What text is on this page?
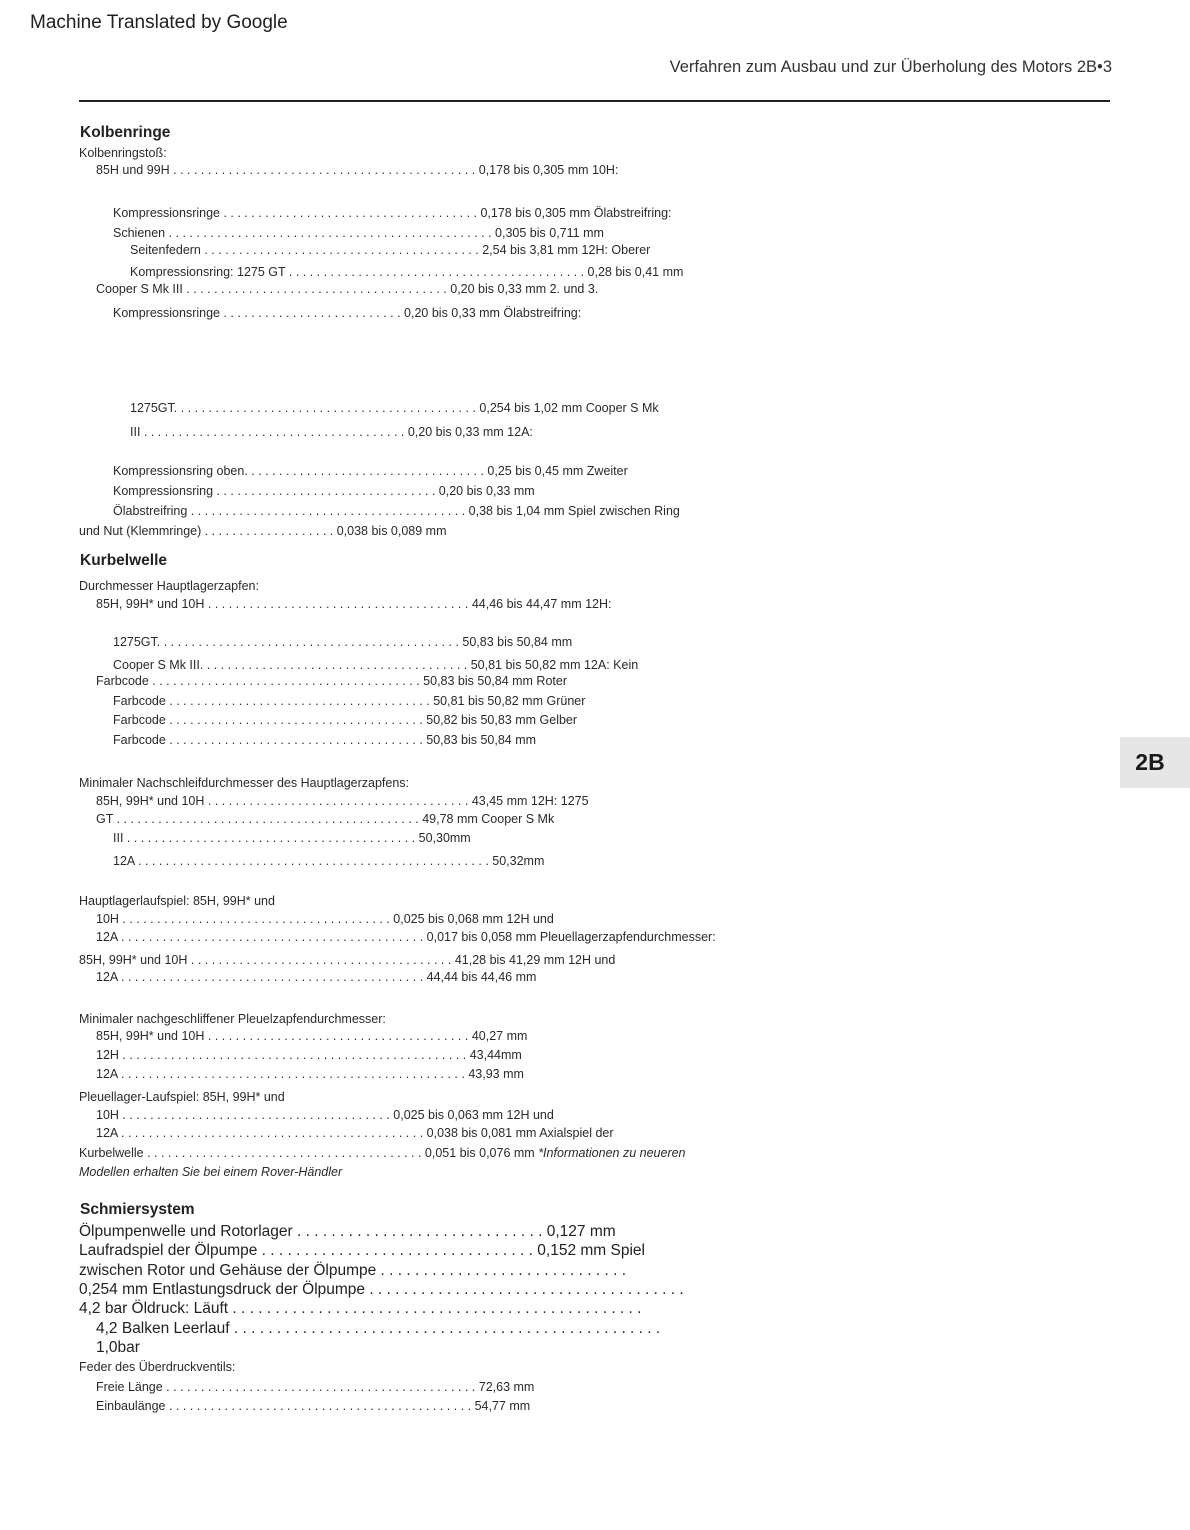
Machine Translated by Google
Verfahren zum Ausbau und zur Überholung des Motors 2B•3
Kolbenringe
Kolbenringstoß:
85H und 99H . . . . . . . . . . . . . . . . . . . . . . . . . . . . . . . . . . . . . . . . . . . . 0,178 bis 0,305 mm 10H:
Kompressionsringe . . . . . . . . . . . . . . . . . . . . . . . . . . . . . . . . . . . . . 0,178 bis 0,305 mm Ölabstreifring:
Schienen . . . . . . . . . . . . . . . . . . . . . . . . . . . . . . . . . . . . . . . . . . . . . . . 0,305 bis 0,711 mm
Seitenfedern . . . . . . . . . . . . . . . . . . . . . . . . . . . . . . . . . . . . . . . . 2,54 bis 3,81 mm 12H: Oberer
Kompressionsring: 1275 GT . . . . . . . . . . . . . . . . . . . . . . . . . . . . . . . . . . . . . . . . . . . 0,28 bis 0,41 mm
Cooper S Mk III . . . . . . . . . . . . . . . . . . . . . . . . . . . . . . . . . . . . . . 0,20 bis 0,33 mm 2. und 3.
Kompressionsringe . . . . . . . . . . . . . . . . . . . . . . . . . . 0,20 bis 0,33 mm Ölabstreifring:
1275GT. . . . . . . . . . . . . . . . . . . . . . . . . . . . . . . . . . . . . . . . . . . . 0,254 bis 1,02 mm Cooper S Mk
III . . . . . . . . . . . . . . . . . . . . . . . . . . . . . . . . . . . . . . 0,20 bis 0,33 mm 12A:
Kompressionsring oben. . . . . . . . . . . . . . . . . . . . . . . . . . . . . . . . . . . 0,25 bis 0,45 mm Zweiter
Kompressionsring . . . . . . . . . . . . . . . . . . . . . . . . . . . . . . . . 0,20 bis 0,33 mm
Ölabstreifring . . . . . . . . . . . . . . . . . . . . . . . . . . . . . . . . . . . . . . . . 0,38 bis 1,04 mm Spiel zwischen Ring
und Nut (Klemmringe) . . . . . . . . . . . . . . . . . . . 0,038 bis 0,089 mm
Kurbelwelle
Durchmesser Hauptlagerzapfen:
85H, 99H* und 10H . . . . . . . . . . . . . . . . . . . . . . . . . . . . . . . . . . . . . . 44,46 bis 44,47 mm 12H:
1275GT. . . . . . . . . . . . . . . . . . . . . . . . . . . . . . . . . . . . . . . . . . . . 50,83 bis 50,84 mm
Cooper S Mk III. . . . . . . . . . . . . . . . . . . . . . . . . . . . . . . . . . . . . . . 50,81 bis 50,82 mm 12A: Kein
Farbcode . . . . . . . . . . . . . . . . . . . . . . . . . . . . . . . . . . . . . . . 50,83 bis 50,84 mm Roter
Farbcode . . . . . . . . . . . . . . . . . . . . . . . . . . . . . . . . . . . . . . 50,81 bis 50,82 mm Grüner
Farbcode . . . . . . . . . . . . . . . . . . . . . . . . . . . . . . . . . . . . . 50,82 bis 50,83 mm Gelber
Farbcode . . . . . . . . . . . . . . . . . . . . . . . . . . . . . . . . . . . . . 50,83 bis 50,84 mm
Minimaler Nachschleifdurchmesser des Hauptlagerzapfens:
85H, 99H* und 10H . . . . . . . . . . . . . . . . . . . . . . . . . . . . . . . . . . . . . . 43,45 mm 12H: 1275
GT . . . . . . . . . . . . . . . . . . . . . . . . . . . . . . . . . . . . . . . . . . . . 49,78 mm Cooper S Mk
III . . . . . . . . . . . . . . . . . . . . . . . . . . . . . . . . . . . . . . . . . . 50,30mm
12A . . . . . . . . . . . . . . . . . . . . . . . . . . . . . . . . . . . . . . . . . . . . . . . . . . . 50,32mm
Hauptlagerlaufspiel: 85H, 99H* und
10H . . . . . . . . . . . . . . . . . . . . . . . . . . . . . . . . . . . . . . . 0,025 bis 0,068 mm 12H und
12A . . . . . . . . . . . . . . . . . . . . . . . . . . . . . . . . . . . . . . . . . . . . 0,017 bis 0,058 mm Pleuellagerzapfendurchmesser:
85H, 99H* und 10H . . . . . . . . . . . . . . . . . . . . . . . . . . . . . . . . . . . . . . 41,28 bis 41,29 mm 12H und
12A . . . . . . . . . . . . . . . . . . . . . . . . . . . . . . . . . . . . . . . . . . . . 44,44 bis 44,46 mm
Minimaler nachgeschliffener Pleuelzapfendurchmesser:
85H, 99H* und 10H . . . . . . . . . . . . . . . . . . . . . . . . . . . . . . . . . . . . . . 40,27 mm
12H . . . . . . . . . . . . . . . . . . . . . . . . . . . . . . . . . . . . . . . . . . . . . . . . . . 43,44mm
12A . . . . . . . . . . . . . . . . . . . . . . . . . . . . . . . . . . . . . . . . . . . . . . . . . . 43,93 mm
Pleuellager-Laufspiel: 85H, 99H* und
10H . . . . . . . . . . . . . . . . . . . . . . . . . . . . . . . . . . . . . . . 0,025 bis 0,063 mm 12H und
12A . . . . . . . . . . . . . . . . . . . . . . . . . . . . . . . . . . . . . . . . . . . . 0,038 bis 0,081 mm Axialspiel der
Kurbelwelle . . . . . . . . . . . . . . . . . . . . . . . . . . . . . . . . . . . . . . . . 0,051 bis 0,076 mm *Informationen zu neueren
Modellen erhalten Sie bei einem Rover-Händler
Schmiersystem
Ölpumpenwelle und Rotorlager . . . . . . . . . . . . . . . . . . . . . . . . . . . . . 0,127 mm
Laufradspiel der Ölpumpe . . . . . . . . . . . . . . . . . . . . . . . . . . . . . . . . 0,152 mm Spiel
zwischen Rotor und Gehäuse der Ölpumpe . . . . . . . . . . . . . . . . . . . . . . . . . . . . .
0,254 mm Entlastungsdruck der Ölpumpe . . . . . . . . . . . . . . . . . . . . . . . . . . . . . . . . . . . . .
4,2 bar Öldruck: Läuft . . . . . . . . . . . . . . . . . . . . . . . . . . . . . . . . . . . . . . . . . . . . . . . .
4,2 Balken Leerlauf . . . . . . . . . . . . . . . . . . . . . . . . . . . . . . . . . . . . . . . . . . . . . . . . . .
1,0bar
Feder des Überdruckventils:
Freie Länge . . . . . . . . . . . . . . . . . . . . . . . . . . . . . . . . . . . . . . . . . . . . . 72,63 mm
Einbaulänge . . . . . . . . . . . . . . . . . . . . . . . . . . . . . . . . . . . . . . . . . . . . 54,77 mm
2B
